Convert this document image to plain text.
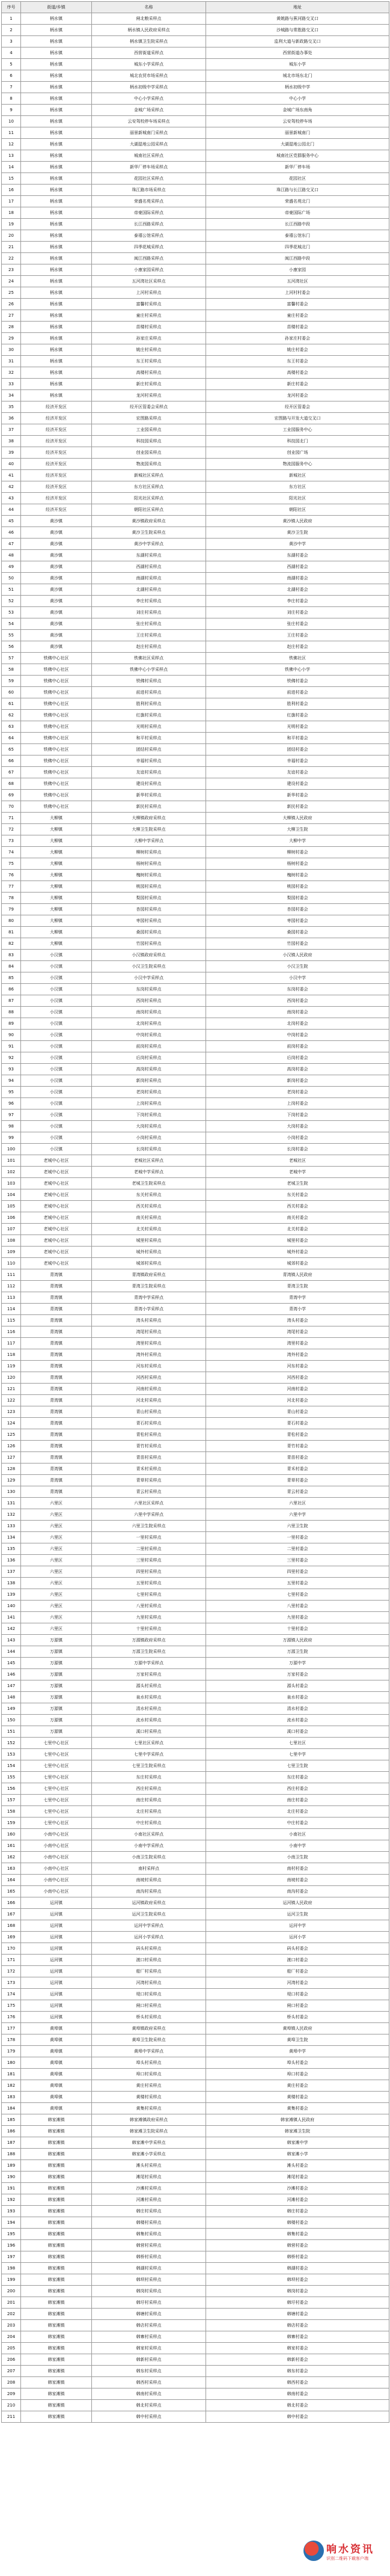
序号	街道/乡镇	名称	地址
1	柄水镇	闸北粮采样点	黄姚路与蕉河路交叉口
2	柄水镇	柄水镇人民政府采样点	沙城路与常胜路交叉口
3	柄水镇	柄水镇卫生院采样点	监利大道与新政路交叉口
4	柄水镇	西营街道采样点	西营街道办事处
5	柄水镇	城东小学采样点	城东小学
6	柄水镇	城北农贸市场采样点	城北市场东北门
7	柄水镇	柄水初级中学采样点	柄水初级中学
8	柄水镇	中心小学采样点	中心小学
9	柄水镇	金城广场采样点	金城广场东南角
10	柄水镇	云安驾校停车场采样点	云安驾校停车场
11	柄水镇	丽景新城南门采样点	丽景新城南门
12	柄水镇	大湖湿地公园采样点	大湖湿地公园北门
13	柄水镇	城南社区采样点	城南社区党群服务中心
14	柄水镇	新华厂停车场采样点	新华厂停车场
15	柄水镇	花园社区采样点	花园社区
16	柄水镇	珠江路市场采样点	珠江路与长江路交叉口
17	柄水镇	荣盛名苑采样点	荣盛名苑北门
18	柄水镇	帝豪国际采样点	帝豪国际广场
19	柄水镇	长江西路采样点	长江西路中段
20	柄水镇	泰禧公馆采样点	泰禧公馆东门
21	柄水镇	四季花城采样点	四季花城北门
22	柄水镇	闽江西路采样点	闽江西路中段
23	柄水镇	小康家园采样点	小康家园
24	柄水镇	五河湾社区采样点	五河湾社区
25	柄水镇	上河村采样点	上河村村委会
26	柄水镇	富馨村采样点	富馨村委会
27	柄水镇	童庄村采样点	童庄村委会
28	柄水镇	苗楼村采样点	苗楼村委会
29	柄水镇	孙家庄采样点	孙家庄村委会
30	柄水镇	姚庄村采样点	姚庄村委会
31	柄水镇	东王村采样点	东王村委会
32	柄水镇	高楼村采样点	高楼村委会
33	柄水镇	新庄村采样点	新庄村委会
34	柄水镇	龙河村采样点	龙河村委会
35	经济开发区	经开区管委会采样点	经开区管委会
36	经济开发区	宏图路采样点	宏图路与开发大道交叉口
37	经济开发区	工业园采样点	工业园服务中心
38	经济开发区	科技园采样点	科技园北门
39	经济开发区	创业园采样点	创业园广场
40	经济开发区	物流园采样点	物流园服务中心
41	经济开发区	新城社区采样点	新城社区
42	经济开发区	东方社区采样点	东方社区
43	经济开发区	阳光社区采样点	阳光社区
44	经济开发区	朝阳社区采样点	朝阳社区
45	黄沙镇	黄沙镇政府采样点	黄沙镇人民政府
46	黄沙镇	黄沙卫生院采样点	黄沙卫生院
47	黄沙镇	黄沙中学采样点	黄沙中学
48	黄沙镇	东湖村采样点	东湖村委会
49	黄沙镇	西湖村采样点	西湖村委会
50	黄沙镇	南湖村采样点	南湖村委会
51	黄沙镇	北湖村采样点	北湖村委会
52	黄沙镇	李庄村采样点	李庄村委会
53	黄沙镇	刘庄村采样点	刘庄村委会
54	黄沙镇	张庄村采样点	张庄村委会
55	黄沙镇	王庄村采样点	王庄村委会
56	黄沙镇	赵庄村采样点	赵庄村委会
57	铁佛中心社区	铁佛社区采样点	铁佛社区
58	铁佛中心社区	铁佛中心小学采样点	铁佛中心小学
59	铁佛中心社区	铁佛村采样点	铁佛村委会
60	铁佛中心社区	前进村采样点	前进村委会
61	铁佛中心社区	胜利村采样点	胜利村委会
62	铁佛中心社区	红旗村采样点	红旗村委会
63	铁佛中心社区	光明村采样点	光明村委会
64	铁佛中心社区	和平村采样点	和平村委会
65	铁佛中心社区	团结村采样点	团结村委会
66	铁佛中心社区	幸福村采样点	幸福村委会
67	铁佛中心社区	友谊村采样点	友谊村委会
68	铁佛中心社区	建设村采样点	建设村委会
69	铁佛中心社区	新华村采样点	新华村委会
70	铁佛中心社区	新民村采样点	新民村委会
71	大柳镇	大柳镇政府采样点	大柳镇人民政府
72	大柳镇	大柳卫生院采样点	大柳卫生院
73	大柳镇	大柳中学采样点	大柳中学
74	大柳镇	柳树村采样点	柳树村委会
75	大柳镇	杨树村采样点	杨树村委会
76	大柳镇	槐树村采样点	槐树村委会
77	大柳镇	桃园村采样点	桃园村委会
78	大柳镇	梨园村采样点	梨园村委会
79	大柳镇	杏园村采样点	杏园村委会
80	大柳镇	枣园村采样点	枣园村委会
81	大柳镇	桑园村采样点	桑园村委会
82	大柳镇	竹园村采样点	竹园村委会
83	小汉镇	小汉镇政府采样点	小汉镇人民政府
84	小汉镇	小汉卫生院采样点	小汉卫生院
85	小汉镇	小汉中学采样点	小汉中学
86	小汉镇	东岗村采样点	东岗村委会
87	小汉镇	西岗村采样点	西岗村委会
88	小汉镇	南岗村采样点	南岗村委会
89	小汉镇	北岗村采样点	北岗村委会
90	小汉镇	中岗村采样点	中岗村委会
91	小汉镇	前岗村采样点	前岗村委会
92	小汉镇	后岗村采样点	后岗村委会
93	小汉镇	高岗村采样点	高岗村委会
94	小汉镇	新岗村采样点	新岗村委会
95	小汉镇	老岗村采样点	老岗村委会
96	小汉镇	上岗村采样点	上岗村委会
97	小汉镇	下岗村采样点	下岗村委会
98	小汉镇	大岗村采样点	大岗村委会
99	小汉镇	小岗村采样点	小岗村委会
100	小汉镇	长岗村采样点	长岗村委会
101	老城中心社区	老城社区采样点	老城社区
102	老城中心社区	老城中学采样点	老城中学
103	老城中心社区	老城卫生院采样点	老城卫生院
104	老城中心社区	东关村采样点	东关村委会
105	老城中心社区	西关村采样点	西关村委会
106	老城中心社区	南关村采样点	南关村委会
107	老城中心社区	北关村采样点	北关村委会
108	老城中心社区	城里村采样点	城里村委会
109	老城中心社区	城外村采样点	城外村委会
110	老城中心社区	城郊村采样点	城郊村委会
111	青湾镇	青湾镇政府采样点	青湾镇人民政府
112	青湾镇	青湾卫生院采样点	青湾卫生院
113	青湾镇	青湾中学采样点	青湾中学
114	青湾镇	青湾小学采样点	青湾小学
115	青湾镇	湾头村采样点	湾头村委会
116	青湾镇	湾尾村采样点	湾尾村委会
117	青湾镇	湾里村采样点	湾里村委会
118	青湾镇	湾外村采样点	湾外村委会
119	青湾镇	河东村采样点	河东村委会
120	青湾镇	河西村采样点	河西村委会
121	青湾镇	河南村采样点	河南村委会
122	青湾镇	河北村采样点	河北村委会
123	青湾镇	青山村采样点	青山村委会
124	青湾镇	青石村采样点	青石村委会
125	青湾镇	青松村采样点	青松村委会
126	青湾镇	青竹村采样点	青竹村委会
127	青湾镇	青苗村采样点	青苗村委会
128	青湾镇	青禾村采样点	青禾村委会
129	青湾镇	青草村采样点	青草村委会
130	青湾镇	青云村采样点	青云村委会
131	六里区	六里社区采样点	六里社区
132	六里区	六里中学采样点	六里中学
133	六里区	六里卫生院采样点	六里卫生院
134	六里区	一里村采样点	一里村委会
135	六里区	二里村采样点	二里村委会
136	六里区	三里村采样点	三里村委会
137	六里区	四里村采样点	四里村委会
138	六里区	五里村采样点	五里村委会
139	六里区	七里村采样点	七里村委会
140	六里区	八里村采样点	八里村委会
141	六里区	九里村采样点	九里村委会
142	六里区	十里村采样点	十里村委会
143	万源镇	万源镇政府采样点	万源镇人民政府
144	万源镇	万源卫生院采样点	万源卫生院
145	万源镇	万源中学采样点	万源中学
146	万源镇	万家村采样点	万家村委会
147	万源镇	源头村采样点	源头村委会
148	万源镇	泉水村采样点	泉水村委会
149	万源镇	清水村采样点	清水村委会
150	万源镇	流水村采样点	流水村委会
151	万源镇	溪口村采样点	溪口村委会
152	七里中心社区	七里社区采样点	七里社区
153	七里中心社区	七里中学采样点	七里中学
154	七里中心社区	七里卫生院采样点	七里卫生院
155	七里中心社区	东庄村采样点	东庄村委会
156	七里中心社区	西庄村采样点	西庄村委会
157	七里中心社区	南庄村采样点	南庄村委会
158	七里中心社区	北庄村采样点	北庄村委会
159	七里中心社区	中庄村采样点	中庄村委会
160	小南中心社区	小南社区采样点	小南社区
161	小南中心社区	小南中学采样点	小南中学
162	小南中心社区	小南卫生院采样点	小南卫生院
163	小南中心社区	南村采样点	南村村委会
164	小南中心社区	南坡村采样点	南坡村委会
165	小南中心社区	南沟村采样点	南沟村委会
166	运河镇	运河镇政府采样点	运河镇人民政府
167	运河镇	运河卫生院采样点	运河卫生院
168	运河镇	运河中学采样点	运河中学
169	运河镇	运河小学采样点	运河小学
170	运河镇	码头村采样点	码头村委会
171	运河镇	渡口村采样点	渡口村委会
172	运河镇	船厂村采样点	船厂村委会
173	运河镇	河湾村采样点	河湾村委会
174	运河镇	堤口村采样点	堤口村委会
175	运河镇	闸口村采样点	闸口村委会
176	运河镇	桥头村采样点	桥头村委会
177	黄埠镇	黄埠镇政府采样点	黄埠镇人民政府
178	黄埠镇	黄埠卫生院采样点	黄埠卫生院
179	黄埠镇	黄埠中学采样点	黄埠中学
180	黄埠镇	埠头村采样点	埠头村委会
181	黄埠镇	埠口村采样点	埠口村委会
182	黄埠镇	黄庄村采样点	黄庄村委会
183	黄埠镇	黄楼村采样点	黄楼村委会
184	黄埠镇	黄集村采样点	黄集村委会
185	韩家滩镇	韩家滩镇政府采样点	韩家滩镇人民政府
186	韩家滩镇	韩家滩卫生院采样点	韩家滩卫生院
187	韩家滩镇	韩家滩中学采样点	韩家滩中学
188	韩家滩镇	韩家滩小学采样点	韩家滩小学
189	韩家滩镇	滩头村采样点	滩头村委会
190	韩家滩镇	滩尾村采样点	滩尾村委会
191	韩家滩镇	沙滩村采样点	沙滩村委会
192	韩家滩镇	河滩村采样点	河滩村委会
193	韩家滩镇	韩庄村采样点	韩庄村委会
194	韩家滩镇	韩楼村采样点	韩楼村委会
195	韩家滩镇	韩集村采样点	韩集村委会
196	韩家滩镇	韩营村采样点	韩营村委会
197	韩家滩镇	韩桥村采样点	韩桥村委会
198	韩家滩镇	韩湖村采样点	韩湖村委会
199	韩家滩镇	韩坝村采样点	韩坝村委会
200	韩家滩镇	韩岗村采样点	韩岗村委会
201	韩家滩镇	韩圩村采样点	韩圩村委会
202	韩家滩镇	韩塘村采样点	韩塘村委会
203	韩家滩镇	韩店村采样点	韩店村委会
204	韩家滩镇	韩寨村采样点	韩寨村委会
205	韩家滩镇	韩家村采样点	韩家村委会
206	韩家滩镇	韩新村采样点	韩新村委会
207	韩家滩镇	韩东村采样点	韩东村委会
208	韩家滩镇	韩西村采样点	韩西村委会
209	韩家滩镇	韩南村采样点	韩南村委会
210	韩家滩镇	韩北村采样点	韩北村委会
211	韩家滩镇	韩中村采样点	韩中村委会
响水资讯
识别二维码下载客户端
